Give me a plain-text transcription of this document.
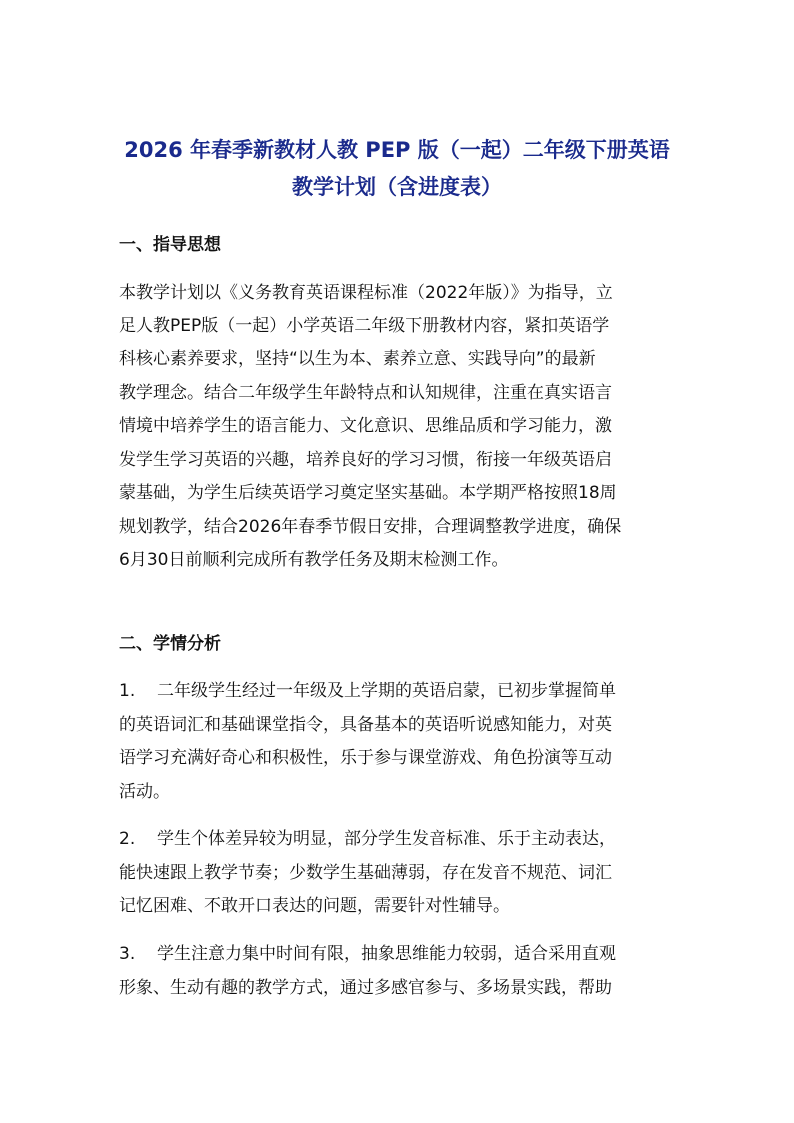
2026 年春季新教材人教 PEP 版（一起）二年级下册英语
教学计划（含进度表）
一、指导思想

本教学计划以《义务教育英语课程标准（2022年版）》为指导，立

足人教PEP版（一起）小学英语二年级下册教材内容，紧扣英语学

科核心素养要求，坚持“以生为本、素养立意、实践导向”的最新

教学理念。结合二年级学生年龄特点和认知规律，注重在真实语言

情境中培养学生的语言能力、文化意识、思维品质和学习能力，激

发学生学习英语的兴趣，培养良好的学习习惯，衔接一年级英语启

蒙基础，为学生后续英语学习奠定坚实基础。本学期严格按照18周

规划教学，结合2026年春季节假日安排，合理调整教学进度，确保

6月30日前顺利完成所有教学任务及期末检测工作。

二、学情分析

1. 二年级学生经过一年级及上学期的英语启蒙，已初步掌握简单

的英语词汇和基础课堂指令，具备基本的英语听说感知能力，对英

语学习充满好奇心和积极性，乐于参与课堂游戏、角色扮演等互动

活动。

2. 学生个体差异较为明显，部分学生发音标准、乐于主动表达，

能快速跟上教学节奏；少数学生基础薄弱，存在发音不规范、词汇

记忆困难、不敢开口表达的问题，需要针对性辅导。

3. 学生注意力集中时间有限，抽象思维能力较弱，适合采用直观

形象、生动有趣的教学方式，通过多感官参与、多场景实践，帮助
